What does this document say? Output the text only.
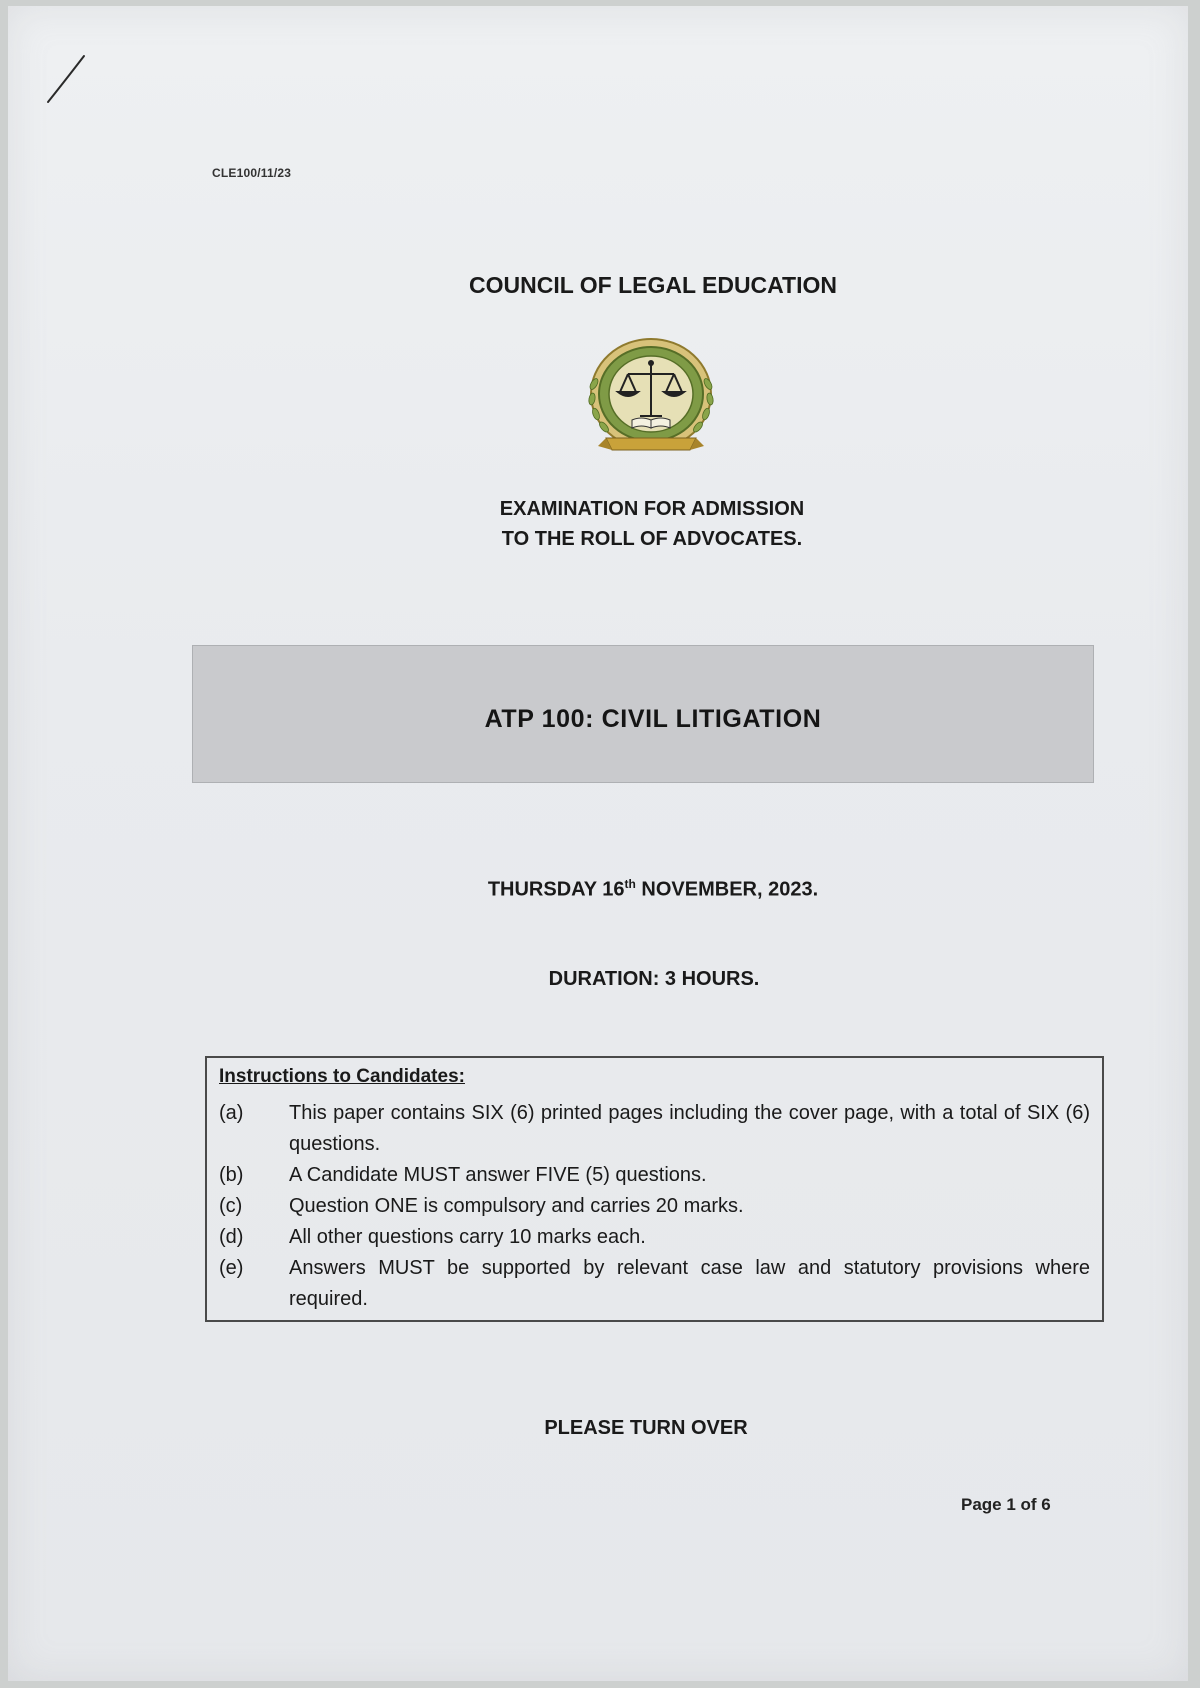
CLE100/11/23
COUNCIL OF LEGAL EDUCATION
EXAMINATION FOR ADMISSION
TO THE ROLL OF ADVOCATES.
ATP 100: CIVIL LITIGATION
THURSDAY 16th NOVEMBER, 2023.
DURATION: 3 HOURS.
Instructions to Candidates:
(a)	This paper contains SIX (6) printed pages including the cover page, with a total of SIX (6) questions.
(b)	A Candidate MUST answer FIVE (5) questions.
(c)	Question ONE is compulsory and carries 20 marks.
(d)	All other questions carry 10 marks each.
(e)	Answers MUST be supported by relevant case law and statutory provisions where required.
PLEASE TURN OVER
Page 1 of 6
